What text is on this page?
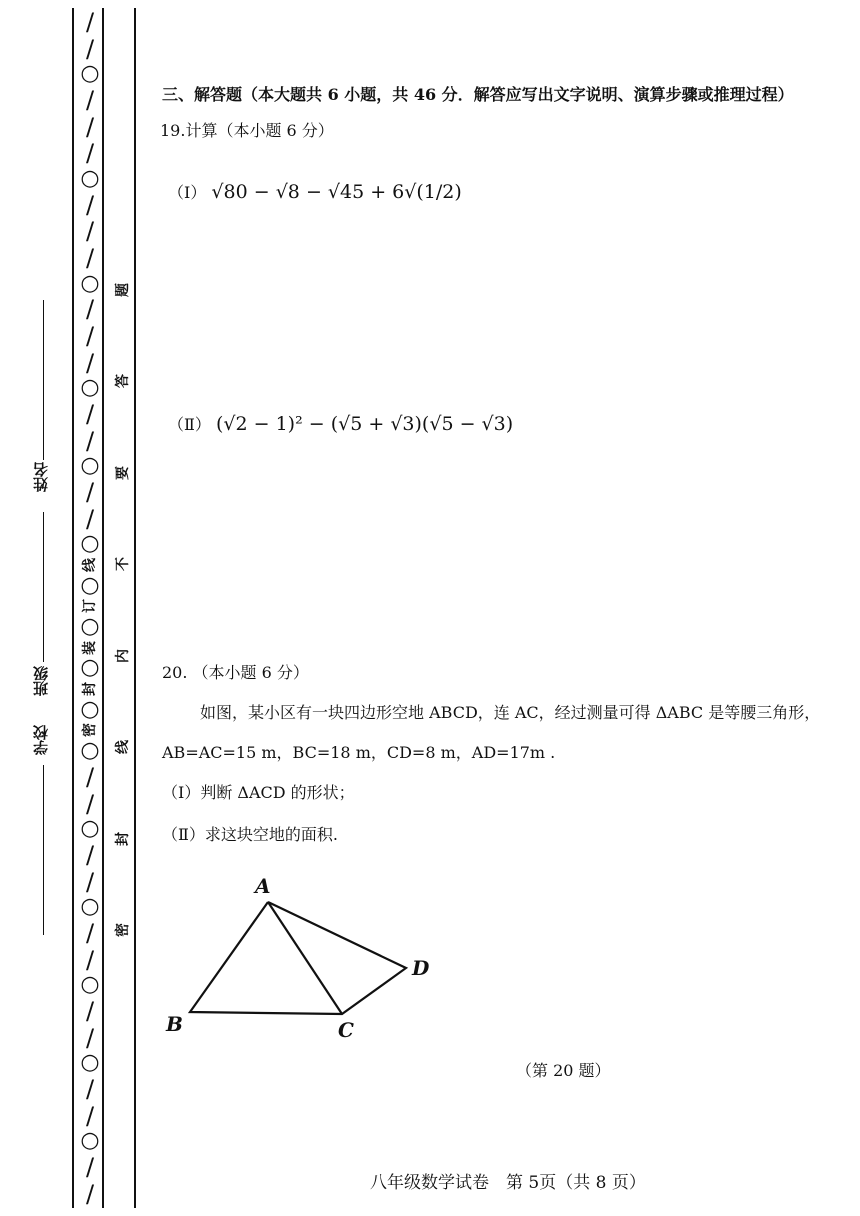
/
/
○
/
/
/
○
/
/
/
○
/
/
/
○
/
/
○
/
/
○
线
○
订
○
装
○
封
○
密
○
/
/
○
/
/
○
/
/
○
/
/
○
/
/
○
/
/
题
答
要
不
内
线
封
密
姓名
班级
学校
三、解答题（本大题共 6 小题，共 46 分．解答应写出文字说明、演算步骤或推理过程）
19.计算（本小题 6 分）
（Ⅰ） √80 − √8 − √45 + 6√(1/2)
（Ⅱ） (√2 − 1)² − (√5 + √3)(√5 − √3)
20. （本小题 6 分）
如图，某小区有一块四边形空地 ABCD，连 AC，经过测量可得 ΔABC 是等腰三角形，
AB=AC=15 m，BC=18 m，CD=8 m，AD=17m .
（Ⅰ）判断 ΔACD 的形状；
（Ⅱ）求这块空地的面积.
A
B	C
D
（第 20 题）
八年级数学试卷　第 5页（共 8 页）
